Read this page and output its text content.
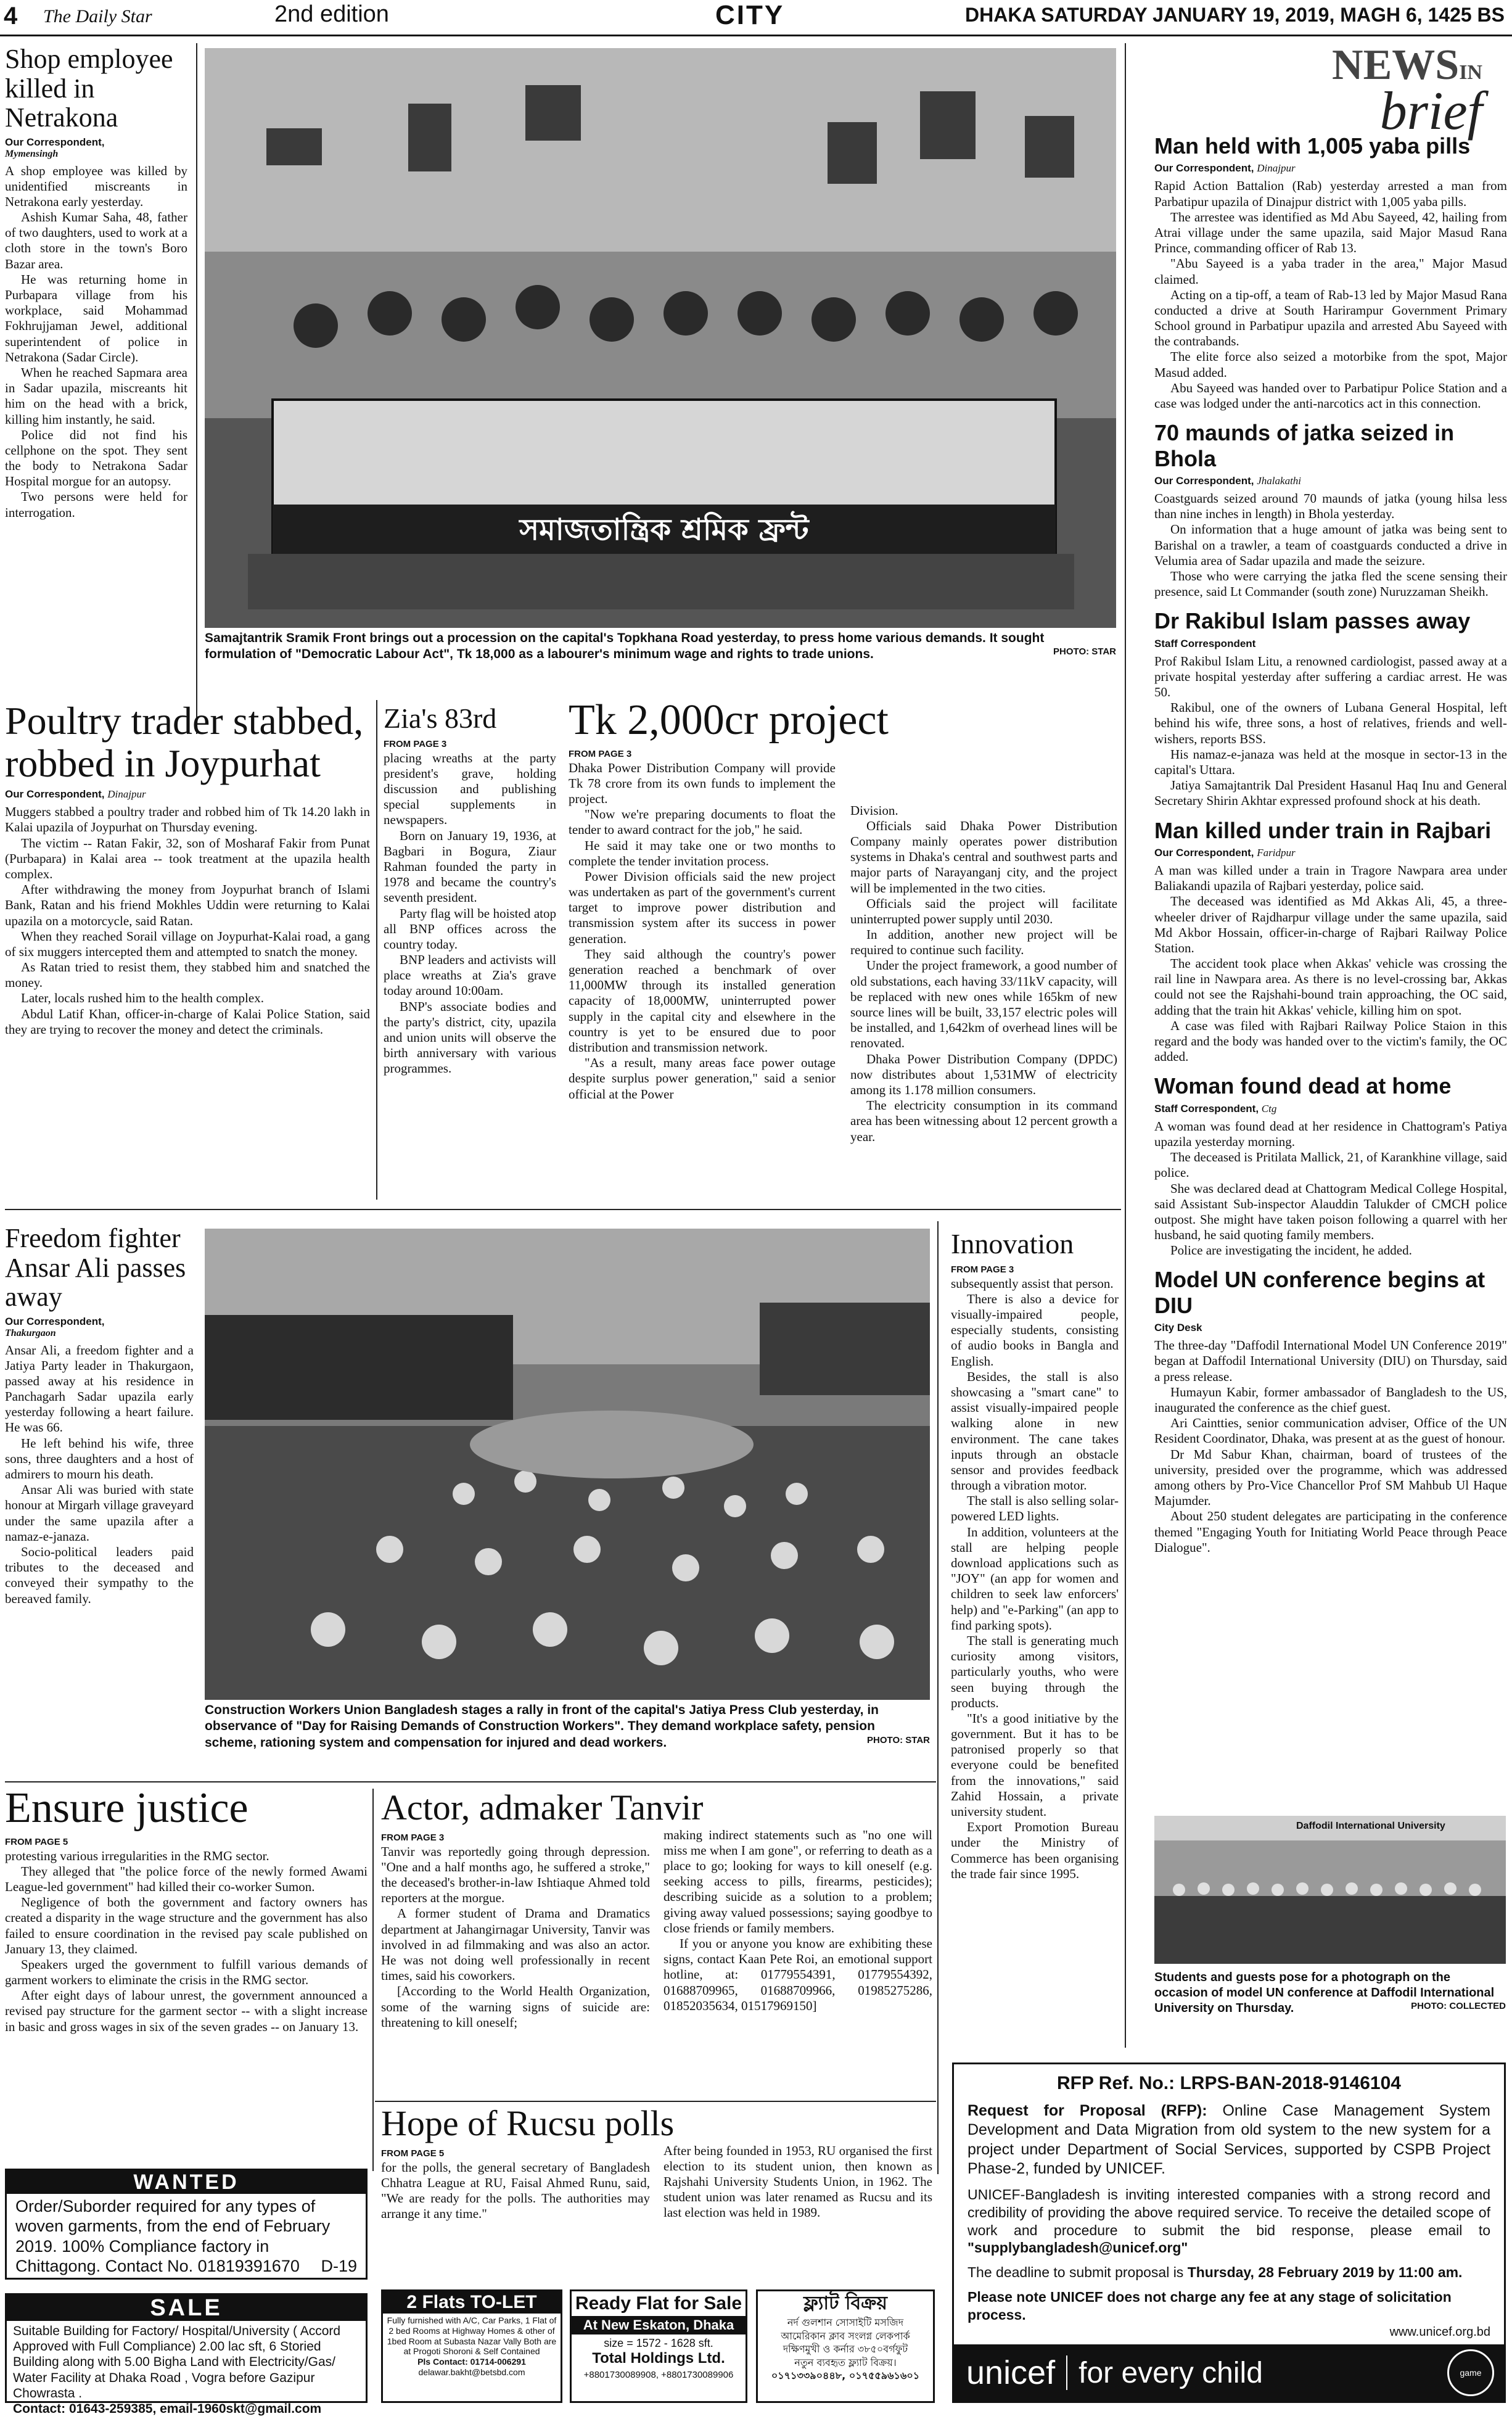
4 The Daily Star	2nd edition	CITY	DHAKA SATURDAY JANUARY 19, 2019, MAGH 6, 1425 BS
Shop employee killed in Netrakona
Our Correspondent,
Mymensingh

A shop employee was killed by unidentified miscreants in Netrakona early yesterday.

Ashish Kumar Saha, 48, father of two daughters, used to work at a cloth store in the town's Boro Bazar area.

He was returning home in Purbapara village from his workplace, said Mohammad Fokhrujjaman Jewel, additional superintendent of police in Netrakona (Sadar Circle).

When he reached Sapmara area in Sadar upazila, miscreants hit him on the head with a brick, killing him instantly, he said.

Police did not find his cellphone on the spot. They sent the body to Netrakona Sadar Hospital morgue for an autopsy.

Two persons were held for interrogation.

সমাজতান্ত্রিক শ্রমিক ফ্রন্ট
Samajtantrik Sramik Front brings out a procession on the capital's Topkhana Road yesterday, to press home various demands. It sought formulation of "Democratic Labour Act", Tk 18,000 as a labourer's minimum wage and rights to trade unions.	PHOTO: STAR
Poultry trader stabbed, robbed in Joypurhat
Our Correspondent, Dinajpur

Muggers stabbed a poultry trader and robbed him of Tk 14.20 lakh in Kalai upazila of Joypurhat on Thursday evening.

The victim -- Ratan Fakir, 32, son of Mosharaf Fakir from Punat (Purbapara) in Kalai area -- took treatment at the upazila health complex.

After withdrawing the money from Joypurhat branch of Islami Bank, Ratan and his friend Mokhles Uddin were returning to Kalai upazila on a motorcycle, said Ratan.

When they reached Sorail village on Joypurhat-Kalai road, a gang of six muggers intercepted them and attempted to snatch the money.

As Ratan tried to resist them, they stabbed him and snatched the money.

Later, locals rushed him to the health complex.

Abdul Latif Khan, officer-in-charge of Kalai Police Station, said they are trying to recover the money and detect the criminals.

Zia's 83rd
FROM PAGE 3

placing wreaths at the party president's grave, holding discussion and publishing special supplements in newspapers.

Born on January 19, 1936, at Bagbari in Bogura, Ziaur Rahman founded the party in 1978 and became the country's seventh president.

Party flag will be hoisted atop all BNP offices across the country today.

BNP leaders and activists will place wreaths at Zia's grave today around 10:00am.

BNP's associate bodies and the party's district, city, upazila and union units will observe the birth anniversary with various programmes.

Tk 2,000cr project
FROM PAGE 3

Dhaka Power Distribution Company will provide Tk 78 crore from its own funds to implement the project.

"Now we're preparing documents to float the tender to award contract for the job," he said.

He said it may take one or two months to complete the tender invitation process.

Power Division officials said the new project was undertaken as part of the government's current target to improve power distribution and transmission system after its success in power generation.

They said although the country's power generation reached a benchmark of over 11,000MW through its installed generation capacity of 18,000MW, uninterrupted power supply in the capital city and elsewhere in the country is yet to be ensured due to poor distribution and transmission network.

"As a result, many areas face power outage despite surplus power generation," said a senior official at the Power

Division.

Officials said Dhaka Power Distribution Company mainly operates power distribution systems in Dhaka's central and southwest parts and major parts of Narayanganj city, and the project will be implemented in the two cities.

Officials said the project will facilitate uninterrupted power supply until 2030.

In addition, another new project will be required to continue such facility.

Under the project framework, a good number of old substations, each having 33/11kV capacity, will be replaced with new ones while 165km of new source lines will be built, 33,157 electric poles will be installed, and 1,642km of overhead lines will be renovated.

Dhaka Power Distribution Company (DPDC) now distributes about 1,531MW of electricity among its 1.178 million consumers.

The electricity consumption in its command area has been witnessing about 12 percent growth a year.

Freedom fighter Ansar Ali passes away
Our Correspondent,
Thakurgaon

Ansar Ali, a freedom fighter and a Jatiya Party leader in Thakurgaon, passed away at his residence in Panchagarh Sadar upazila early yesterday following a heart failure. He was 66.

He left behind his wife, three sons, three daughters and a host of admirers to mourn his death.

Ansar Ali was buried with state honour at Mirgarh village graveyard under the same upazila after a namaz-e-janaza.

Socio-political leaders paid tributes to the deceased and conveyed their sympathy to the bereaved family.

Construction Workers Union Bangladesh stages a rally in front of the capital's Jatiya Press Club yesterday, in observance of "Day for Raising Demands of Construction Workers". They demand workplace safety, pension scheme, rationing system and compensation for injured and dead workers.	PHOTO: STAR
Innovation
FROM PAGE 3

subsequently assist that person.

There is also a device for visually-impaired people, especially students, consisting of audio books in Bangla and English.

Besides, the stall is also showcasing a "smart cane" to assist visually-impaired people walking alone in new environment. The cane takes inputs through an obstacle sensor and provides feedback through a vibration motor.

The stall is also selling solar-powered LED lights.

In addition, volunteers at the stall are helping people download applications such as "JOY" (an app for women and children to seek law enforcers' help) and "e-Parking" (an app to find parking spots).

The stall is generating much curiosity among visitors, particularly youths, who were seen buying through the products.

"It's a good initiative by the government. But it has to be patronised properly so that everyone could be benefited from the innovations," said Zahid Hossain, a private university student.

Export Promotion Bureau under the Ministry of Commerce has been organising the trade fair since 1995.

Ensure justice
FROM PAGE 5

protesting various irregularities in the RMG sector.

They alleged that "the police force of the newly formed Awami League-led government" had killed their co-worker Sumon.

Negligence of both the government and factory owners has created a disparity in the wage structure and the government has also failed to ensure coordination in the revised pay scale published on January 13, they claimed.

Speakers urged the government to fulfill various demands of garment workers to eliminate the crisis in the RMG sector.

After eight days of labour unrest, the government announced a revised pay structure for the garment sector -- with a slight increase in basic and gross wages in six of the seven grades -- on January 13.

Actor, admaker Tanvir
FROM PAGE 3

Tanvir was reportedly going through depression. "One and a half months ago, he suffered a stroke," the deceased's brother-in-law Ishtiaque Ahmed told reporters at the morgue.

A former student of Drama and Dramatics department at Jahangirnagar University, Tanvir was involved in ad filmmaking and was also an actor. He was not doing well professionally in recent times, said his coworkers.

[According to the World Health Organization, some of the warning signs of suicide are: threatening to kill oneself;

making indirect statements such as "no one will miss me when I am gone", or referring to death as a place to go; looking for ways to kill oneself (e.g. seeking access to pills, firearms, pesticides); describing suicide as a solution to a problem; giving away valued possessions; saying goodbye to close friends or family members.

If you or anyone you know are exhibiting these signs, contact Kaan Pete Roi, an emotional support hotline, at: 01779554391, 01779554392, 01688709965, 01688709966, 01985275286, 01852035634, 01517969150]

Hope of Rucsu polls
FROM PAGE 5

for the polls, the general secretary of Bangladesh Chhatra League at RU, Faisal Ahmed Runu, said, "We are ready for the polls. The authorities may arrange it any time."

After being founded in 1953, RU organised the first election to its student union, then known as Rajshahi University Students Union, in 1962. The student union was later renamed as Rucsu and its last election was held in 1989.

NEWSIN
brief
Man held with 1,005 yaba pills
Our Correspondent, Dinajpur

Rapid Action Battalion (Rab) yesterday arrested a man from Parbatipur upazila of Dinajpur district with 1,005 yaba pills.

The arrestee was identified as Md Abu Sayeed, 42, hailing from Atrai village under the same upazila, said Major Masud Rana Prince, commanding officer of Rab 13.

"Abu Sayeed is a yaba trader in the area," Major Masud claimed.

Acting on a tip-off, a team of Rab-13 led by Major Masud Rana conducted a drive at South Harirampur Government Primary School ground in Parbatipur upazila and arrested Abu Sayeed with the contrabands.

The elite force also seized a motorbike from the spot, Major Masud added.

Abu Sayeed was handed over to Parbatipur Police Station and a case was lodged under the anti-narcotics act in this connection.

70 maunds of jatka seized in Bhola
Our Correspondent, Jhalakathi

Coastguards seized around 70 maunds of jatka (young hilsa less than nine inches in length) in Bhola yesterday.

On information that a huge amount of jatka was being sent to Barishal on a trawler, a team of coastguards conducted a drive in Velumia area of Sadar upazila and made the seizure.

Those who were carrying the jatka fled the scene sensing their presence, said Lt Commander (south zone) Nuruzzaman Sheikh.

Dr Rakibul Islam passes away
Staff Correspondent

Prof Rakibul Islam Litu, a renowned cardiologist, passed away at a private hospital yesterday after suffering a cardiac arrest. He was 50.

Rakibul, one of the owners of Lubana General Hospital, left behind his wife, three sons, a host of relatives, friends and well-wishers, reports BSS.

His namaz-e-janaza was held at the mosque in sector-13 in the capital's Uttara.

Jatiya Samajtantrik Dal President Hasanul Haq Inu and General Secretary Shirin Akhtar expressed profound shock at his death.

Man killed under train in Rajbari
Our Correspondent, Faridpur

A man was killed under a train in Tragore Nawpara area under Baliakandi upazila of Rajbari yesterday, police said.

The deceased was identified as Md Akkas Ali, 45, a three-wheeler driver of Rajdharpur village under the same upazila, said Md Akbor Hossain, officer-in-charge of Rajbari Railway Police Station.

The accident took place when Akkas' vehicle was crossing the rail line in Nawpara area. As there is no level-crossing bar, Akkas could not see the Rajshahi-bound train approaching, the OC said, adding that the train hit Akkas' vehicle, killing him on spot.

A case was filed with Rajbari Railway Police Staion in this regard and the body was handed over to the victim's family, the OC added.

Woman found dead at home
Staff Correspondent, Ctg

A woman was found dead at her residence in Chattogram's Patiya upazila yesterday morning.

The deceased is Pritilata Mallick, 21, of Karankhine village, said police.

She was declared dead at Chattogram Medical College Hospital, said Assistant Sub-inspector Alauddin Talukder of CMCH police outpost. She might have taken poison following a quarrel with her husband, he said quoting family members.

Police are investigating the incident, he added.

Model UN conference begins at DIU
City Desk

The three-day "Daffodil International Model UN Conference 2019" began at Daffodil International University (DIU) on Thursday, said a press release.

Humayun Kabir, former ambassador of Bangladesh to the US, inaugurated the conference as the chief guest.

Ari Caintties, senior communication adviser, Office of the UN Resident Coordinator, Dhaka, was present at as the guest of honour.

Dr Md Sabur Khan, chairman, board of trustees of the university, presided over the programme, which was addressed among others by Pro-Vice Chancellor Prof SM Mahbub Ul Haque Majumder.

About 250 student delegates are participating in the conference themed "Engaging Youth for Initiating World Peace through Peace Dialogue".

Daffodil International University
Students and guests pose for a photograph on the occasion of model UN conference at Daffodil International University on Thursday.	PHOTO: COLLECTED
RFP Ref. No.: LRPS-BAN-2018-9146104

Request for Proposal (RFP): Online Case Management System Development and Data Migration from old system to the new system for a project under Department of Social Services, supported by CSPB Project Phase-2, funded by UNICEF.

UNICEF-Bangladesh is inviting interested companies with a strong record and credibility of providing the above required service. To receive the detailed scope of work and procedure to submit the bid response, please email to "supplybangladesh@unicef.org"

The deadline to submit proposal is Thursday, 28 February 2019 by 11:00 am.

Please note UNICEF does not charge any fee at any stage of solicitation process.

www.unicef.org.bd
unicef for every child	game
WANTED
Order/Suborder required for any types of woven garments, from the end of February 2019. 100% Compliance factory in Chittagong. Contact No. 01819391670 D-19
SALE
Suitable Building for Factory/ Hospital/University ( Accord Approved with Full Compliance) 2.00 lac sft, 6 Storied Building along with 5.00 Bigha Land with Electricity/Gas/ Water Facility at Dhaka Road , Vogra before Gazipur Chowrasta .
Contact: 01643-259385, email-1960skt@gmail.com
2 Flats TO-LET
Fully furnished with A/C, Car Parks, 1 Flat of 2 bed Rooms at Highway Homes & other of 1bed Room at Subasta Nazar Vally Both are at Progoti Shoroni & Self Contained
Pls Contact: 01714-006291
delawar.bakht@betsbd.com
Ready Flat for Sale
At New Eskaton, Dhaka
size = 1572 - 1628 sft.
Total Holdings Ltd.
+8801730089908, +8801730089906
ফ্ল্যাট বিক্রয়
নর্দ গুলশান সোসাইটি মসজিদ
আমেরিকান ক্লাব সংলগ্ন লেকপার্ক
দক্ষিণমুখী ও কর্নার ৩৮৫০বর্গফুট
নতুন ব্যবহৃত ফ্ল্যাট বিক্রয়।
০১৭১৩৩৯০৪৪৮, ০১৭৫৫৯৬১৬০১
